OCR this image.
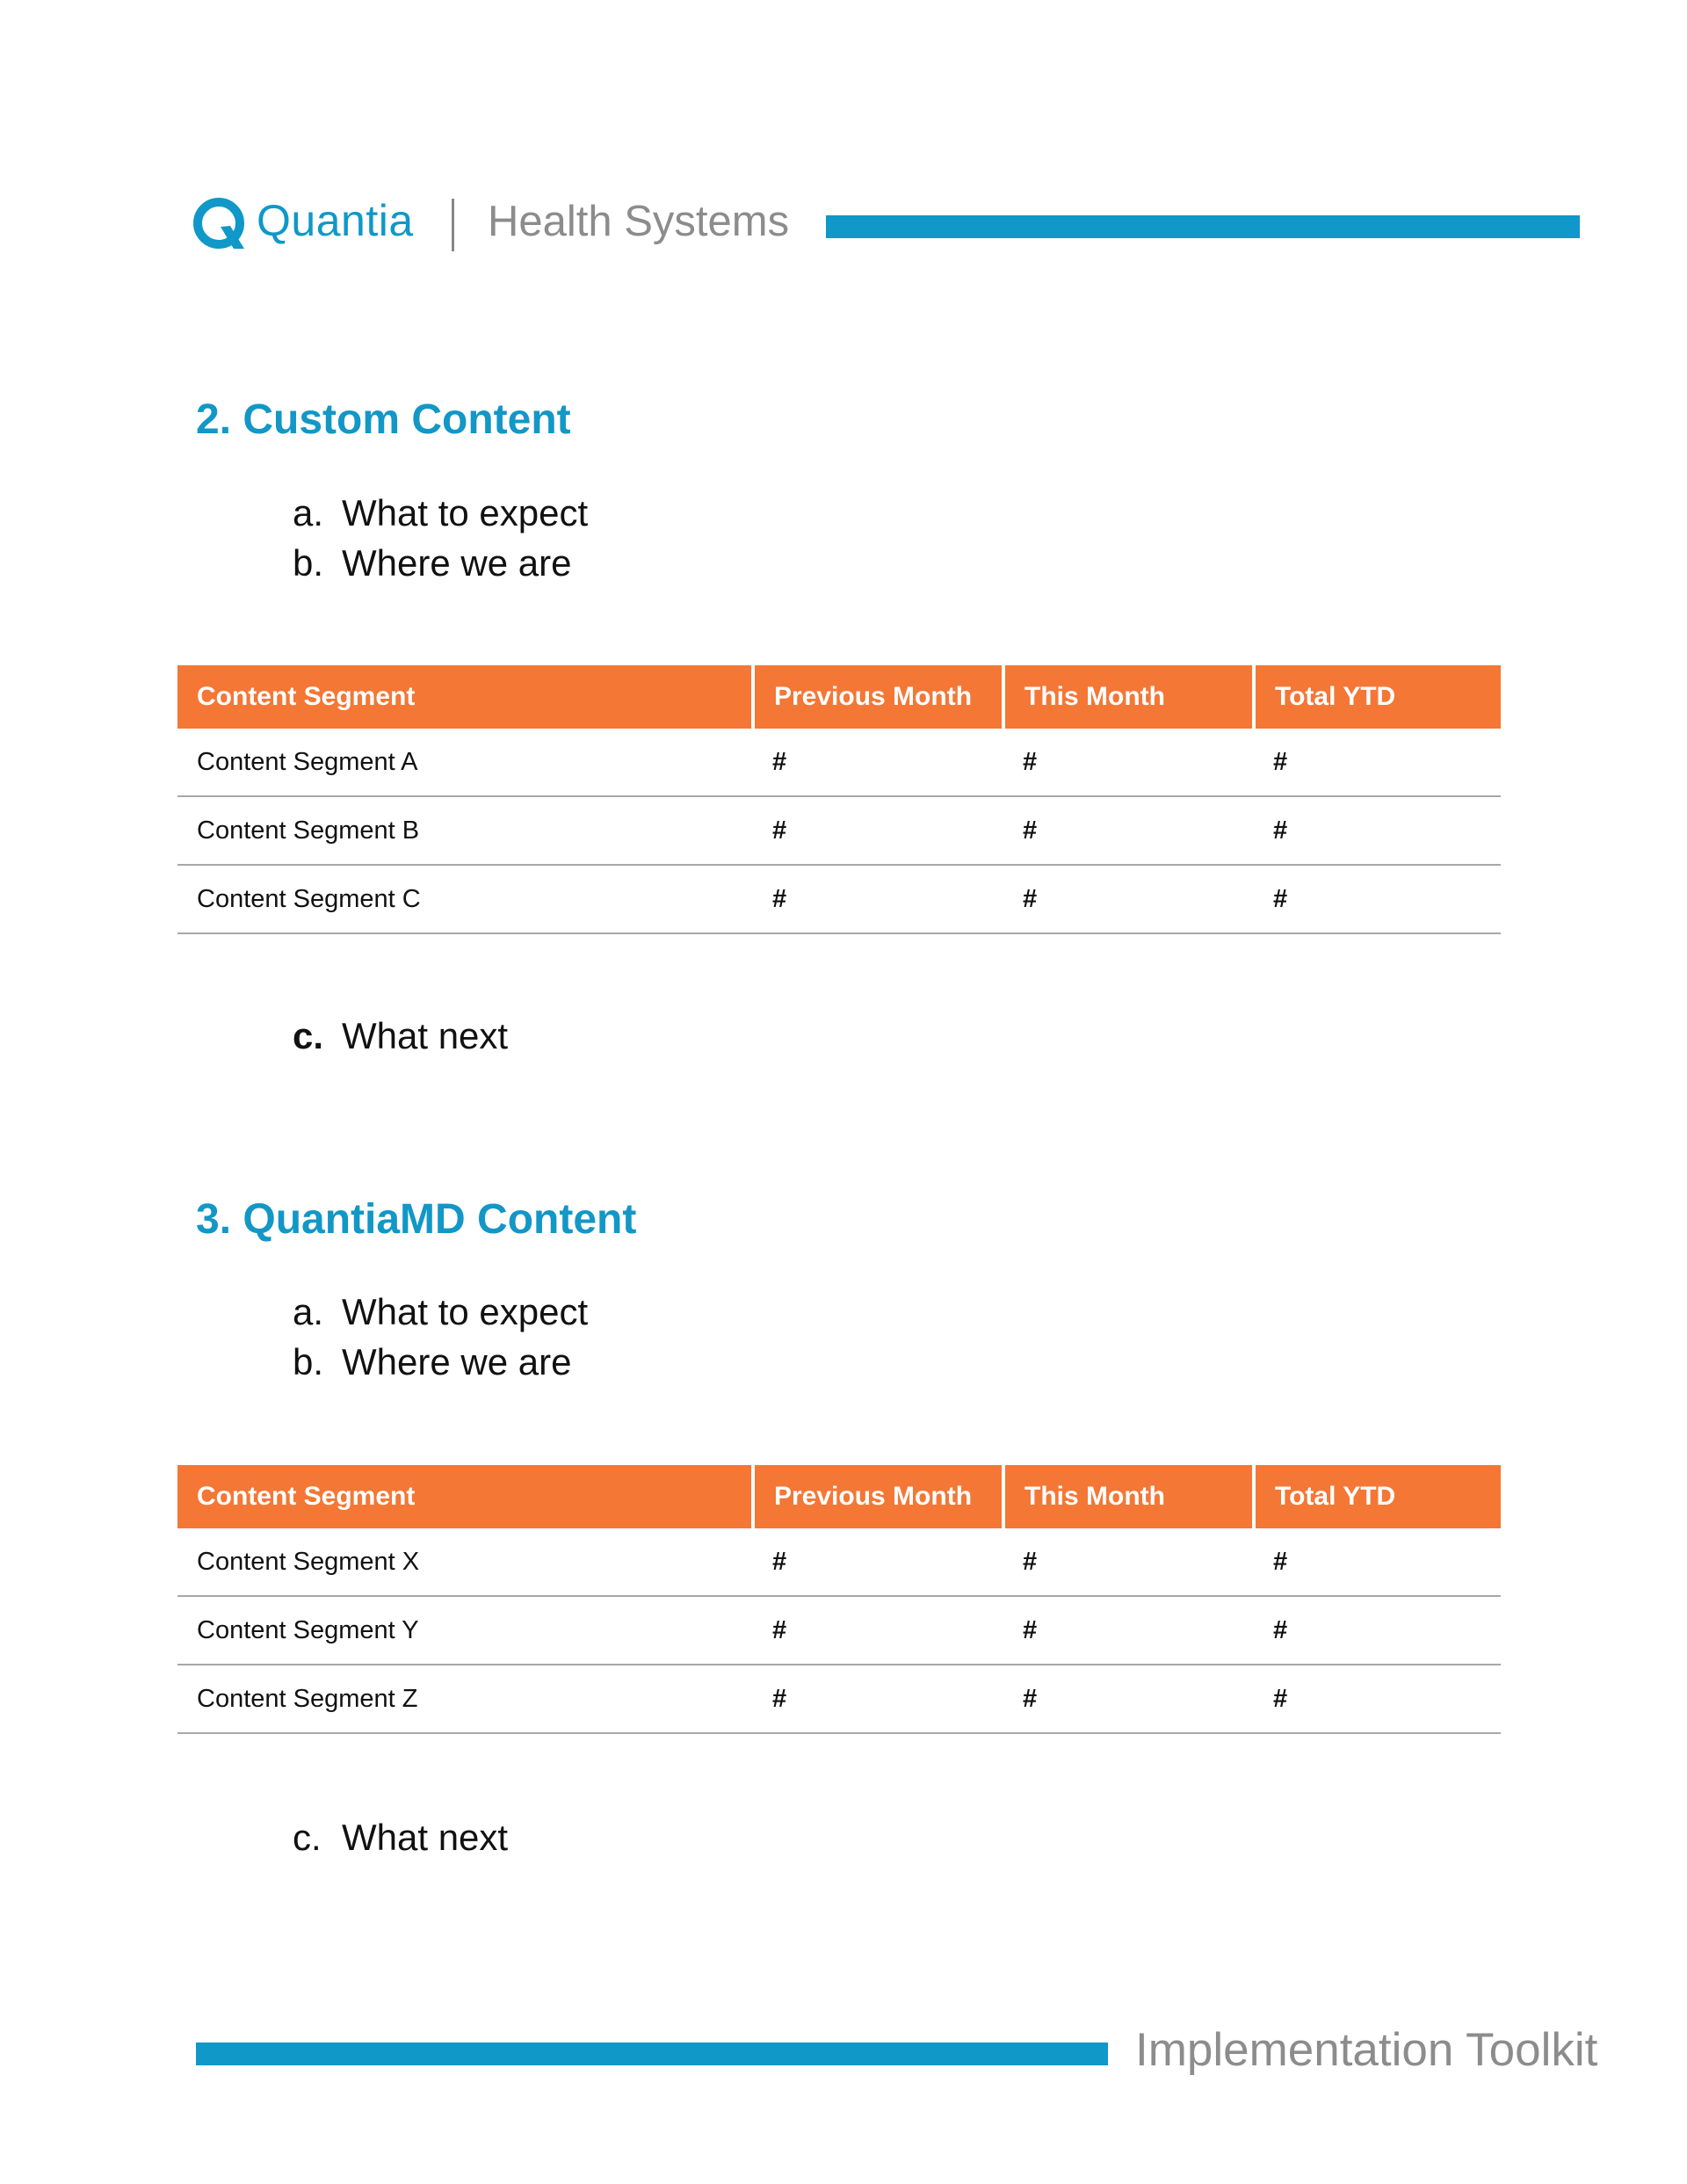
Quantia Health Systems
2. Custom Content
a. What to expect
b. Where we are
Content Segment	Previous Month	This Month	Total YTD
Content Segment A	#	#	#
Content Segment B	#	#	#
Content Segment C	#	#	#
c. What next
3. QuantiaMD Content
a. What to expect
b. Where we are
Content Segment	Previous Month	This Month	Total YTD
Content Segment X	#	#	#
Content Segment Y	#	#	#
Content Segment Z	#	#	#
c. What next
Implementation Toolkit
